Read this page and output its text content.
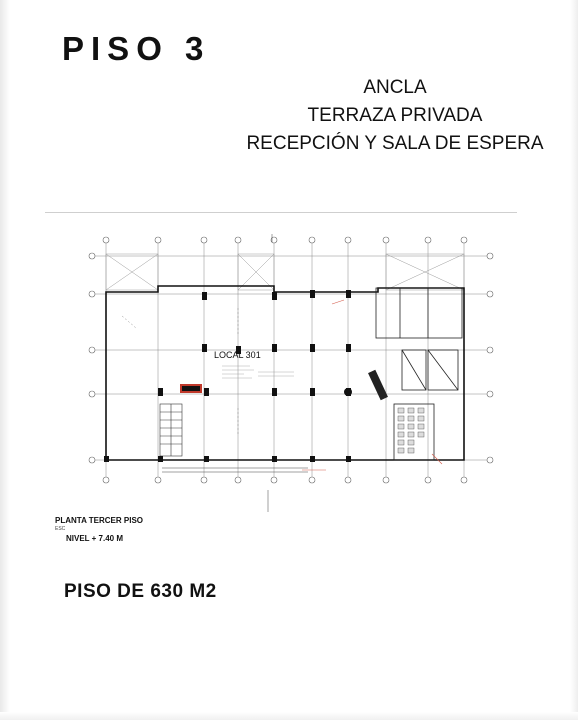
PISO 3
ANCLA
TERRAZA PRIVADA
RECEPCIÓN Y SALA DE ESPERA
LOCAL 301
PLANTA TERCER PISO
ESC
NIVEL + 7.40 M
PISO DE 630 M2
